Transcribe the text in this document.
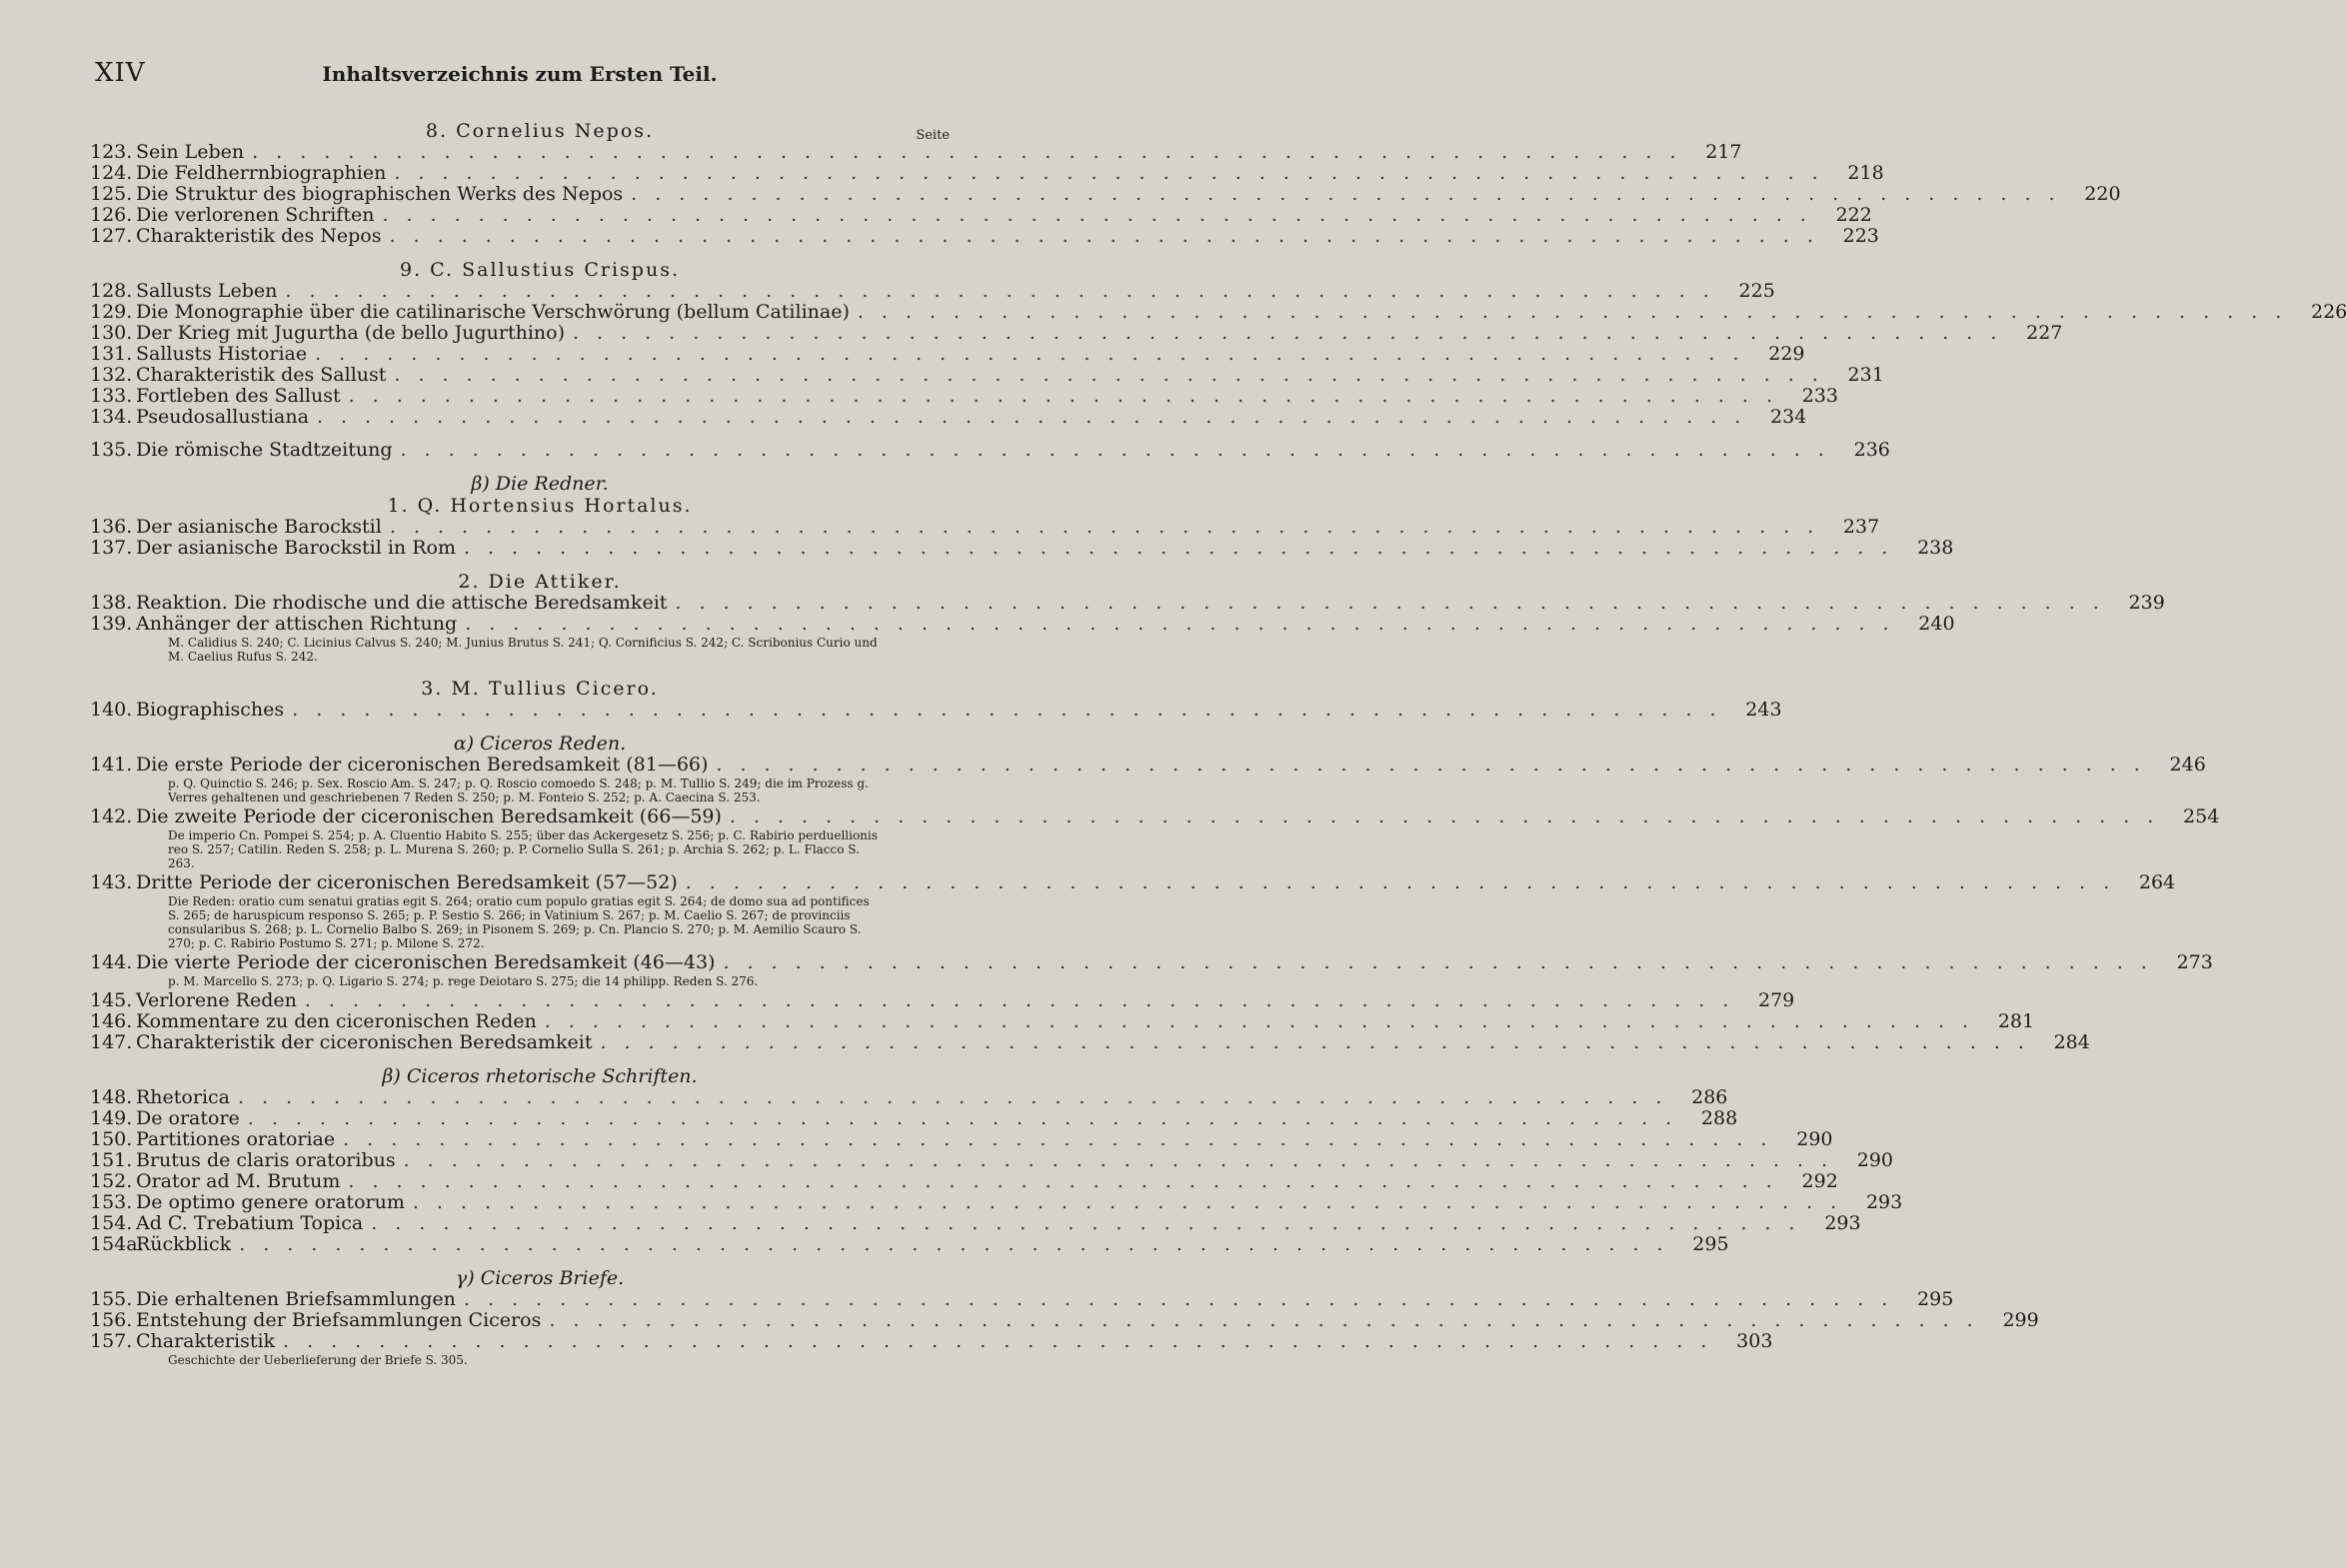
XIV	Inhaltsverzeichnis zum Ersten Teil.
Seite
8. Cornelius Nepos.
123. Sein Leben ............................................................ 217
124. Die Feldherrnbiographien ............................................................ 218
125. Die Struktur des biographischen Werks des Nepos ............................................................ 220
126. Die verlorenen Schriften ............................................................ 222
127. Charakteristik des Nepos ............................................................ 223
9. C. Sallustius Crispus.
128. Sallusts Leben ............................................................ 225
129. Die Monographie über die catilinarische Verschwörung (bellum Catilinae) ............................................................ 226
130. Der Krieg mit Jugurtha (de bello Jugurthino) ............................................................ 227
131. Sallusts Historiae ............................................................ 229
132. Charakteristik des Sallust ............................................................ 231
133. Fortleben des Sallust ............................................................ 233
134. Pseudosallustiana ............................................................ 234
135. Die römische Stadtzeitung ............................................................ 236
β) Die Redner.
1. Q. Hortensius Hortalus.
136. Der asianische Barockstil ............................................................ 237
137. Der asianische Barockstil in Rom ............................................................ 238
2. Die Attiker.
138. Reaktion. Die rhodische und die attische Beredsamkeit ............................................................ 239
139. Anhänger der attischen Richtung ............................................................ 240
M. Calidius S. 240; C. Licinius Calvus S. 240; M. Junius Brutus S. 241; Q. Cornificius S. 242; C. Scribonius Curio und M. Caelius Rufus S. 242.
3. M. Tullius Cicero.
140. Biographisches ............................................................ 243
α) Ciceros Reden.
141. Die erste Periode der ciceronischen Beredsamkeit (81—66) ............................................................ 246
p. Q. Quinctio S. 246; p. Sex. Roscio Am. S. 247; p. Q. Roscio comoedo S. 248; p. M. Tullio S. 249; die im Prozess g. Verres gehaltenen und geschriebenen 7 Reden S. 250; p. M. Fonteio S. 252; p. A. Caecina S. 253.
142. Die zweite Periode der ciceronischen Beredsamkeit (66—59) ............................................................ 254
De imperio Cn. Pompei S. 254; p. A. Cluentio Habito S. 255; über das Ackergesetz S. 256; p. C. Rabirio perduellionis reo S. 257; Catilin. Reden S. 258; p. L. Murena S. 260; p. P. Cornelio Sulla S. 261; p. Archia S. 262; p. L. Flacco S. 263.
143. Dritte Periode der ciceronischen Beredsamkeit (57—52) ............................................................ 264
Die Reden: oratio cum senatui gratias egit S. 264; oratio cum populo gratias egit S. 264; de domo sua ad pontifices S. 265; de haruspicum responso S. 265; p. P. Sestio S. 266; in Vatinium S. 267; p. M. Caelio S. 267; de provinciis consularibus S. 268; p. L. Cornelio Balbo S. 269; in Pisonem S. 269; p. Cn. Plancio S. 270; p. M. Aemilio Scauro S. 270; p. C. Rabirio Postumo S. 271; p. Milone S. 272.
144. Die vierte Periode der ciceronischen Beredsamkeit (46—43) ............................................................ 273
p. M. Marcello S. 273; p. Q. Ligario S. 274; p. rege Deiotaro S. 275; die 14 philipp. Reden S. 276.
145. Verlorene Reden ............................................................ 279
146. Kommentare zu den ciceronischen Reden ............................................................ 281
147. Charakteristik der ciceronischen Beredsamkeit ............................................................ 284
β) Ciceros rhetorische Schriften.
148. Rhetorica ............................................................ 286
149. De oratore ............................................................ 288
150. Partitiones oratoriae ............................................................ 290
151. Brutus de claris oratoribus ............................................................ 290
152. Orator ad M. Brutum ............................................................ 292
153. De optimo genere oratorum ............................................................ 293
154. Ad C. Trebatium Topica ............................................................ 293
154a.
Rückblick ............................................................ 295
γ) Ciceros Briefe.
155. Die erhaltenen Briefsammlungen ............................................................ 295
156. Entstehung der Briefsammlungen Ciceros ............................................................ 299
157. Charakteristik ............................................................ 303
Geschichte der Ueberlieferung der Briefe S. 305.
